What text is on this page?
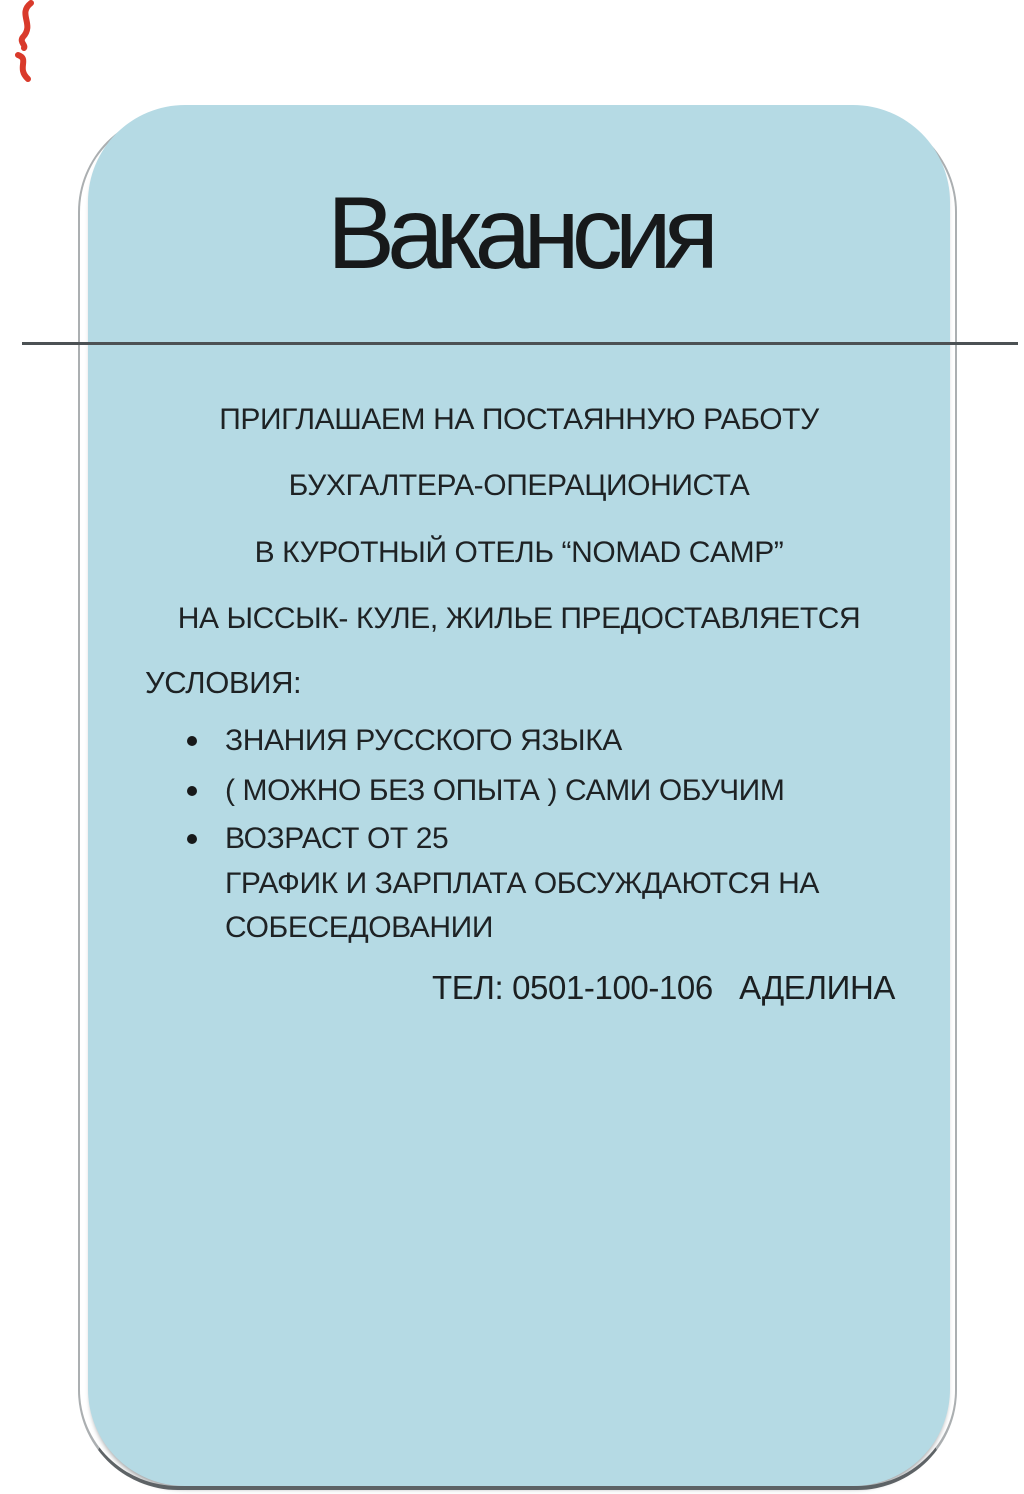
Вакансия
ПРИГЛАШАЕМ НА ПОСТАЯННУЮ РАБОТУ
БУХГАЛТЕРА-ОПЕРАЦИОНИСТА
В КУРОТНЫЙ ОТЕЛЬ “NOMAD CAMP”
НА ЫССЫК- КУЛЕ, ЖИЛЬЕ ПРЕДОСТАВЛЯЕТСЯ
УСЛОВИЯ:
ЗНАНИЯ РУССКОГО ЯЗЫКА
( МОЖНО БЕЗ ОПЫТА ) САМИ ОБУЧИМ
ВОЗРАСТ ОТ 25
ГРАФИК И ЗАРПЛАТА ОБСУЖДАЮТСЯ НА
СОБЕСЕДОВАНИИ
ТЕЛ: 0501-100-106   АДЕЛИНА
